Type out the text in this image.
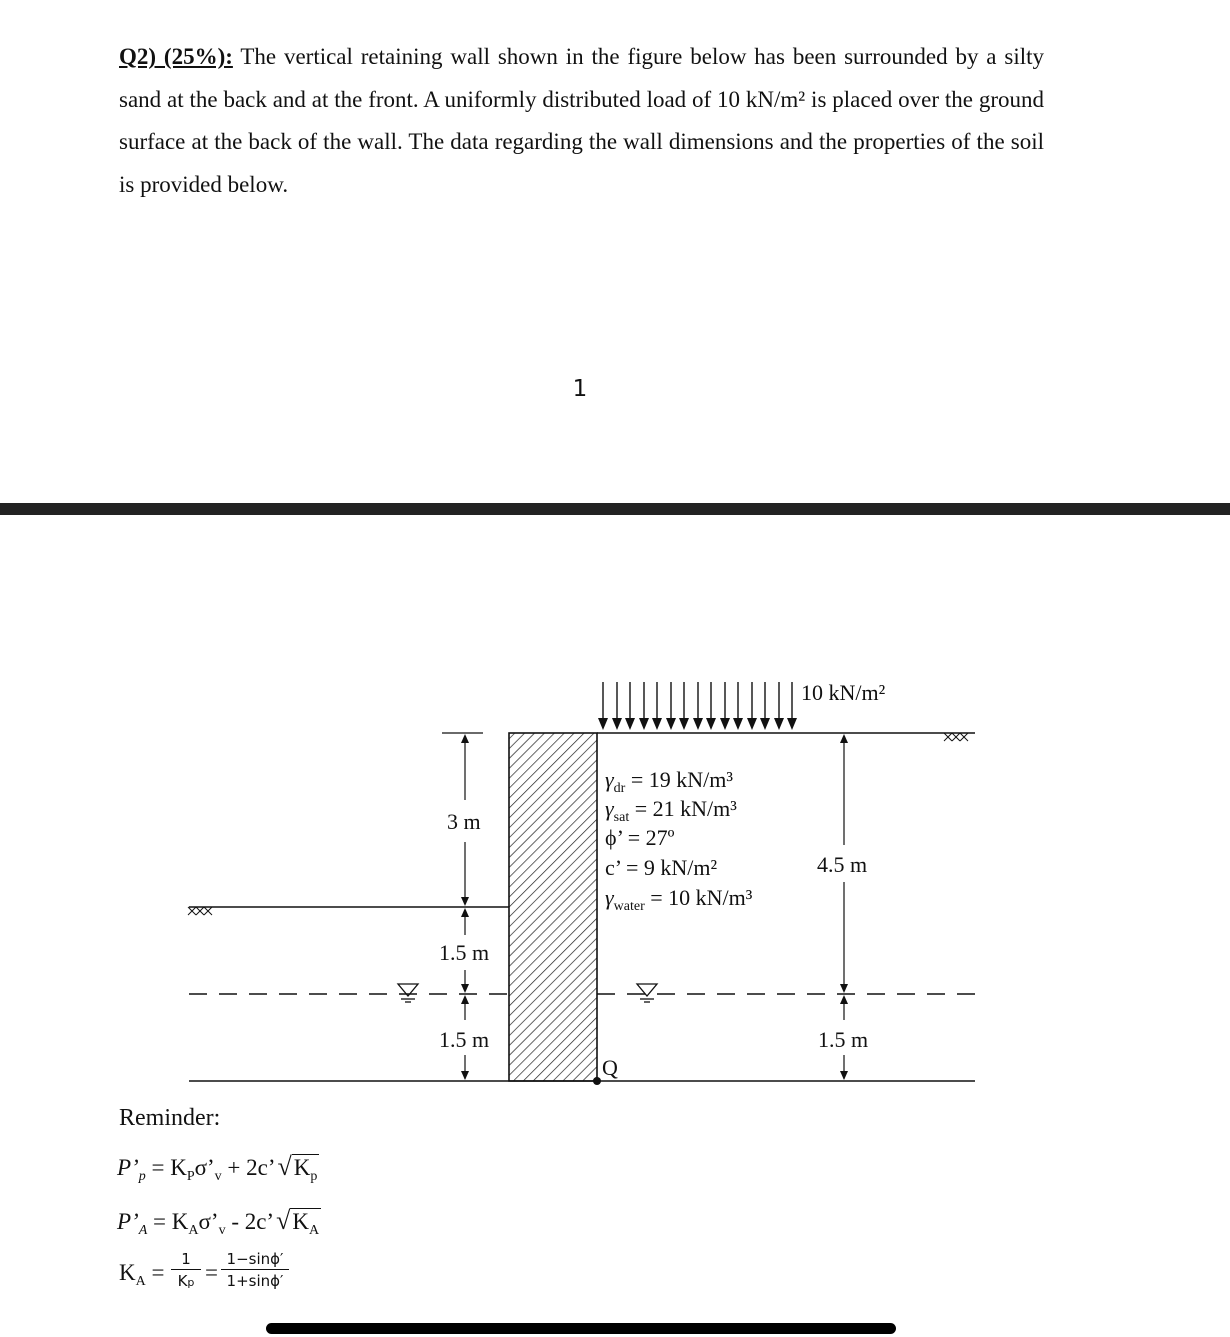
Q2) (25%): The vertical retaining wall shown in the figure below has been surrounded by a silty sand at the back and at the front. A uniformly distributed load of 10 kN/m² is placed over the ground surface at the back of the wall. The data regarding the wall dimensions and the properties of the soil is provided below.
1
10 kN/m²
Q
3 m
1.5 m
1.5 m
4.5 m
1.5 m
$\gamma_{dr} = 19$ kN/m³
$\gamma_{sat} = 21$ kN/m³
ϕ’ = 27º
c’ = 9 kN/m²
$\gamma_{water} = 10$ kN/m³
Reminder:
$P’_p$ = $K_P\sigma’_v$ + $2c’√K_p$
$P’_A$ = $K_A\sigma’_v$ - $2c’√K_A$
$K_A = \frac{1}{Kp} = \frac{1-\sin\phi'}{1+\sin\phi'}$
